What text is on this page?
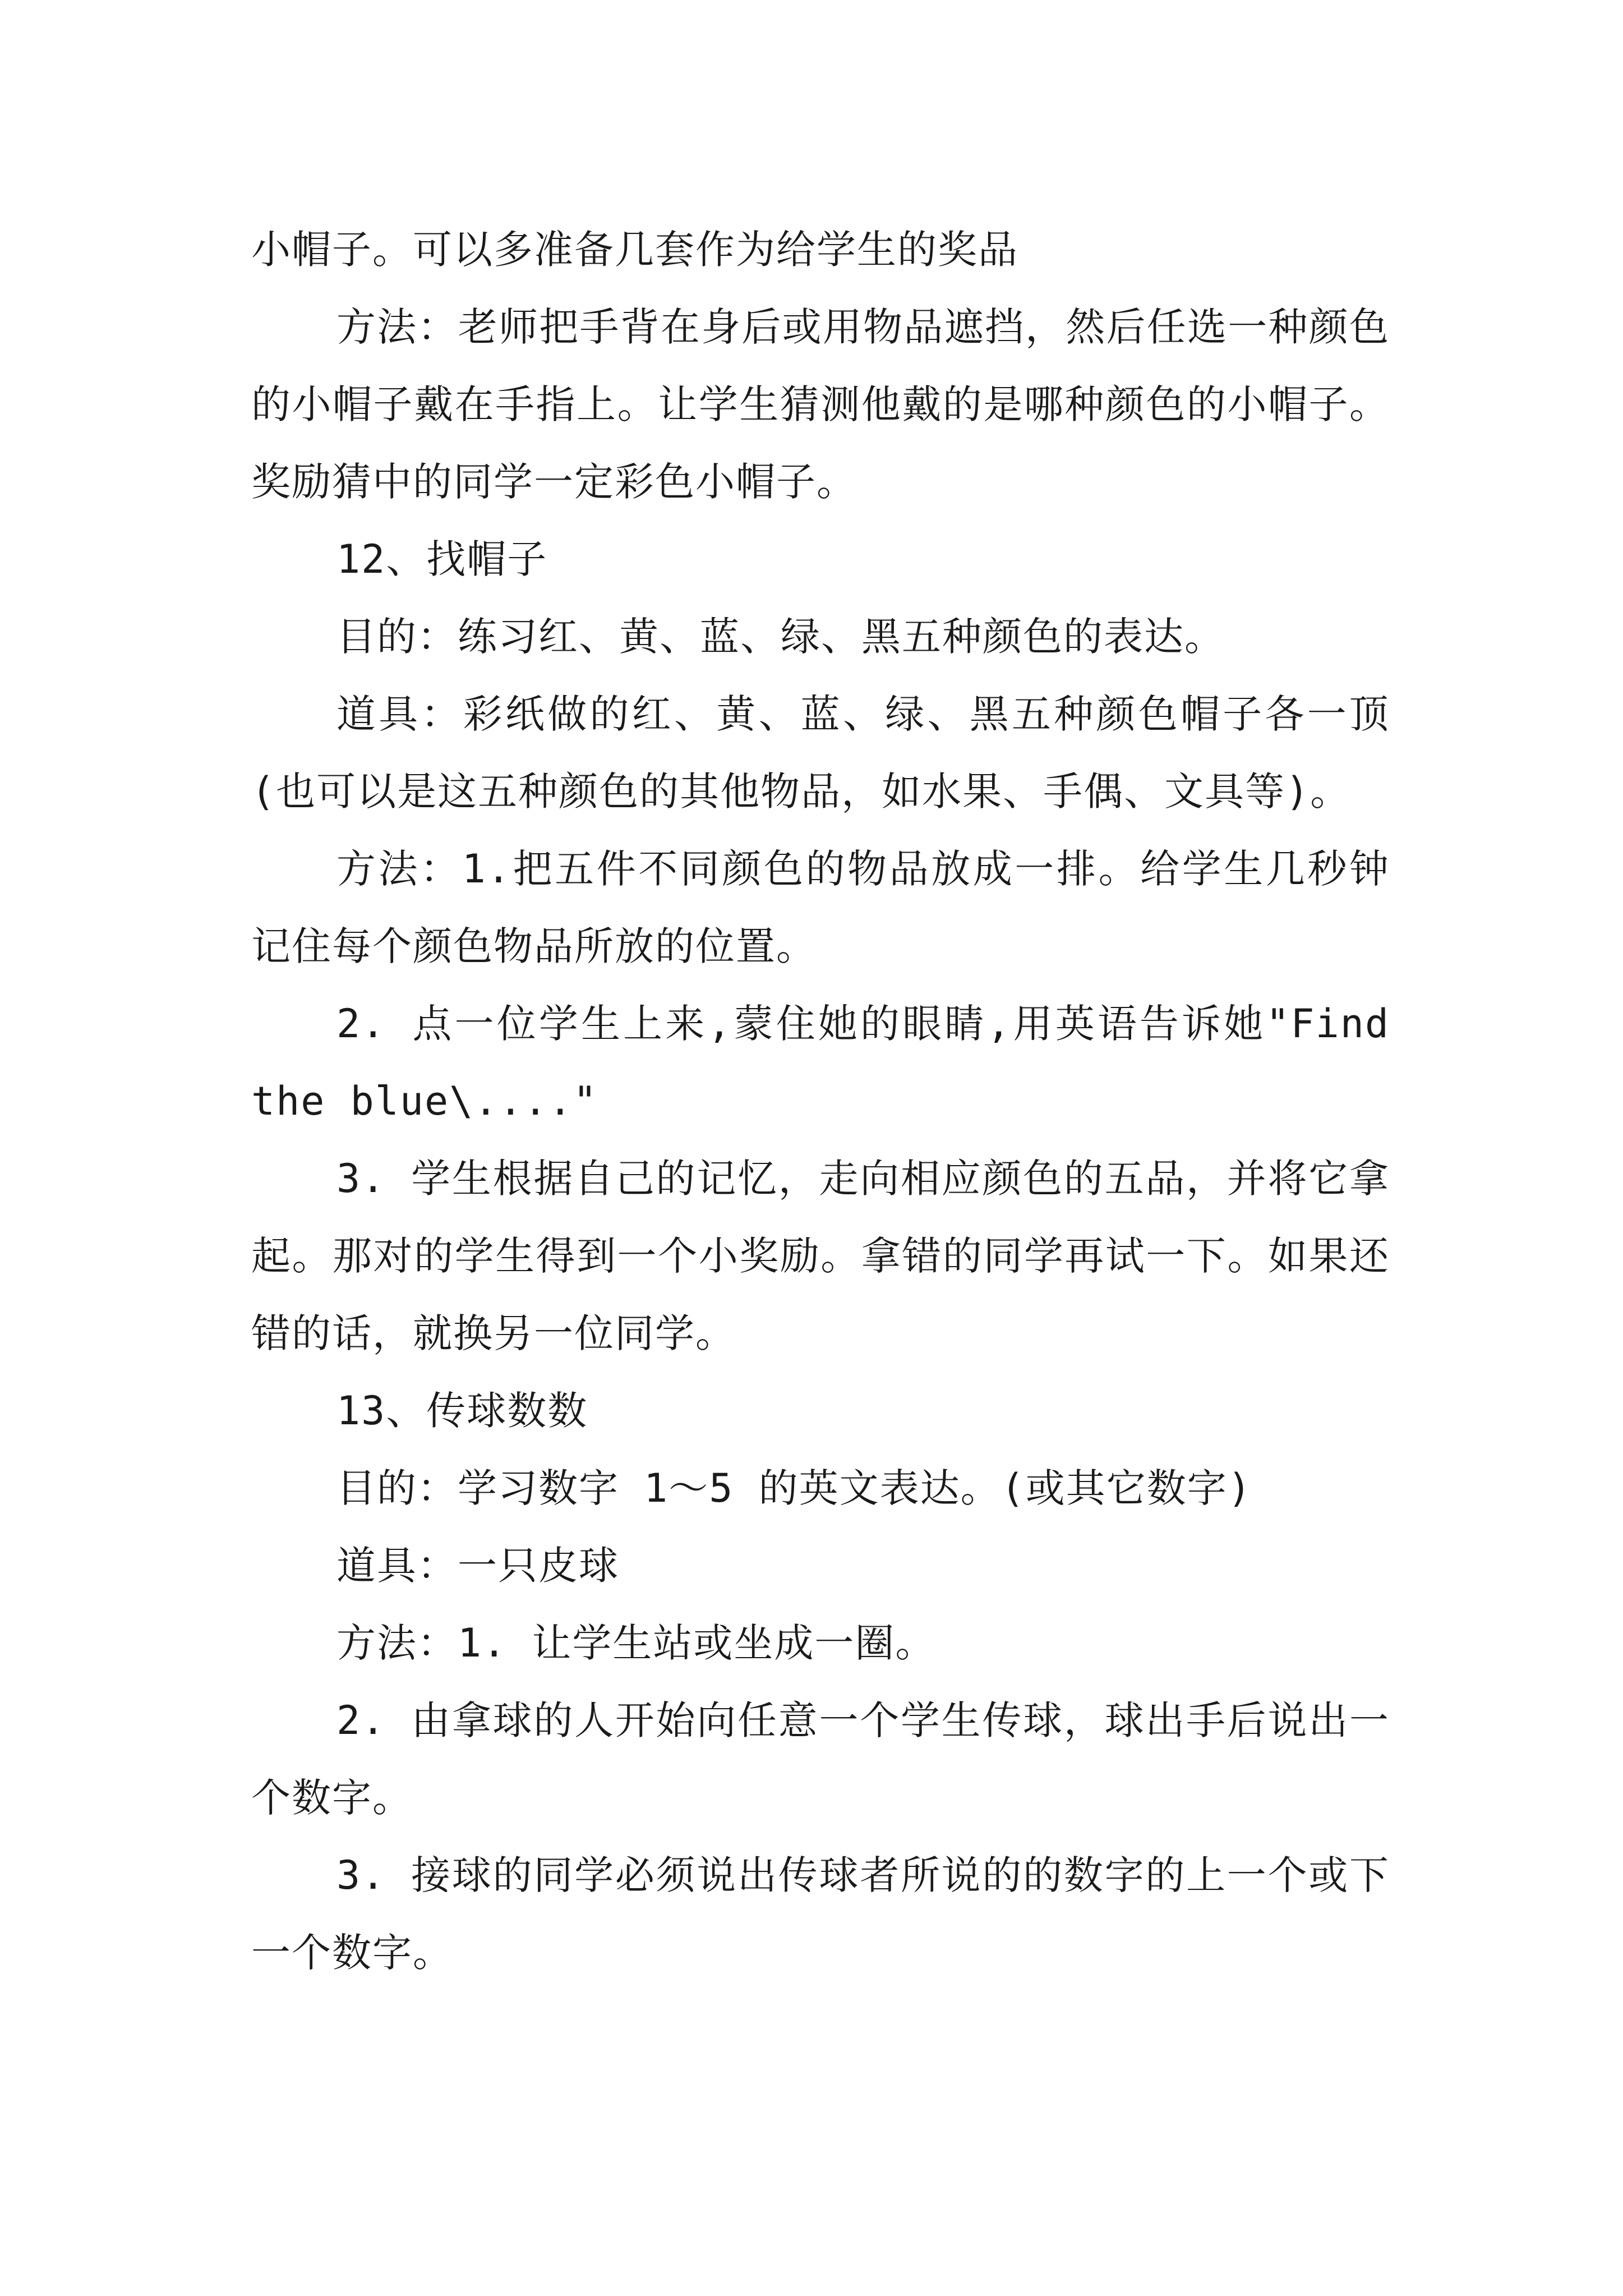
小帽子。可以多准备几套作为给学生的奖品

方法：老师把手背在身后或用物品遮挡，然后任选一种颜色的小帽子戴在手指上。让学生猜测他戴的是哪种颜色的小帽子。奖励猜中的同学一定彩色小帽子。

12、找帽子

目的：练习红、黄、蓝、绿、黑五种颜色的表达。

道具：彩纸做的红、黄、蓝、绿、黑五种颜色帽子各一顶(也可以是这五种颜色的其他物品，如水果、手偶、文具等)。

方法：1.把五件不同颜色的物品放成一排。给学生几秒钟记住每个颜色物品所放的位置。

2. 点一位学生上来,蒙住她的眼睛,用英语告诉她"Find the blue\...."

3. 学生根据自己的记忆，走向相应颜色的五品，并将它拿起。那对的学生得到一个小奖励。拿错的同学再试一下。如果还错的话，就换另一位同学。

13、传球数数

目的：学习数字 1～5 的英文表达。(或其它数字)

道具：一只皮球

方法：1. 让学生站或坐成一圈。

2. 由拿球的人开始向任意一个学生传球，球出手后说出一个数字。

3. 接球的同学必须说出传球者所说的的数字的上一个或下一个数字。
